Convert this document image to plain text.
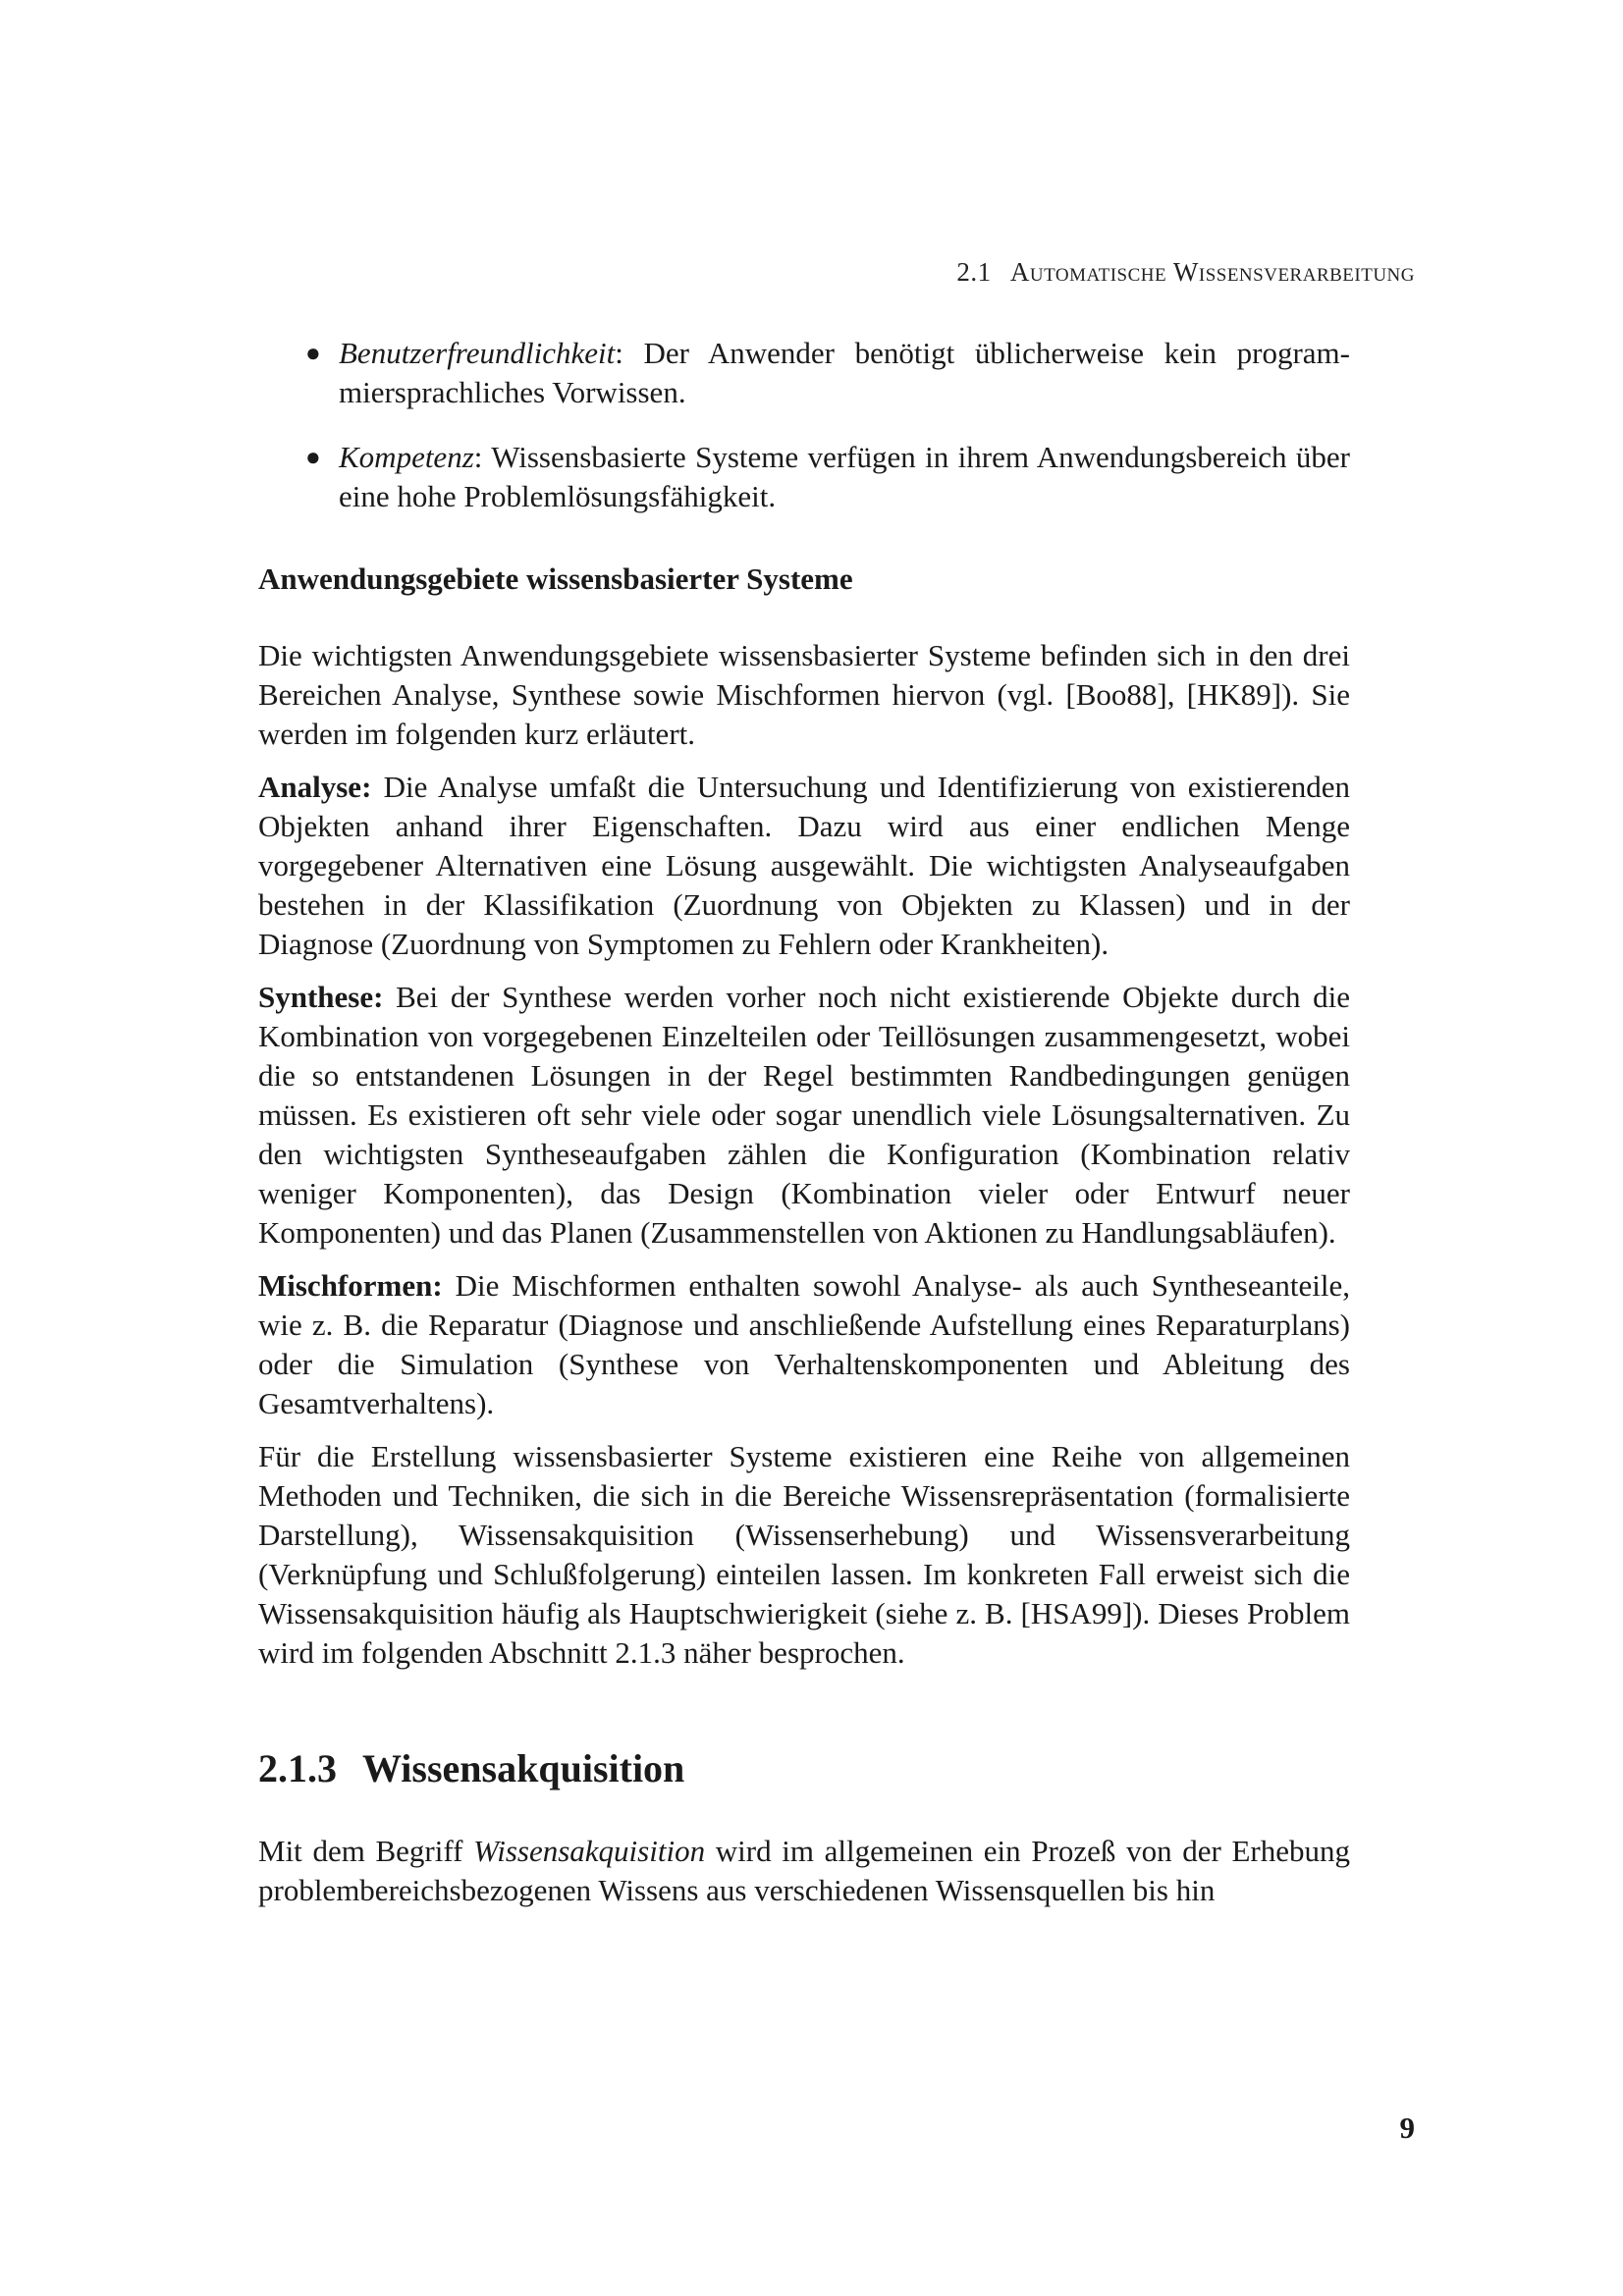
2.1 Automatische Wissensverarbeitung
● Benutzerfreundlichkeit: Der Anwender benötigt üblicherweise kein programmiersprachliches Vorwissen.
● Kompetenz: Wissensbasierte Systeme verfügen in ihrem Anwendungsbereich über eine hohe Problemlösungsfähigkeit.
Anwendungsgebiete wissensbasierter Systeme

Die wichtigsten Anwendungsgebiete wissensbasierter Systeme befinden sich in den drei Bereichen Analyse, Synthese sowie Mischformen hiervon (vgl. [Boo88], [HK89]). Sie werden im folgenden kurz erläutert.

Analyse: Die Analyse umfaßt die Untersuchung und Identifizierung von existierenden Objekten anhand ihrer Eigenschaften. Dazu wird aus einer endlichen Menge vorgegebener Alternativen eine Lösung ausgewählt. Die wichtigsten Analyseaufgaben bestehen in der Klassifikation (Zuordnung von Objekten zu Klassen) und in der Diagnose (Zuordnung von Symptomen zu Fehlern oder Krankheiten).

Synthese: Bei der Synthese werden vorher noch nicht existierende Objekte durch die Kombination von vorgegebenen Einzelteilen oder Teillösungen zusammengesetzt, wobei die so entstandenen Lösungen in der Regel bestimmten Randbedingungen genügen müssen. Es existieren oft sehr viele oder sogar unendlich viele Lösungsalternativen. Zu den wichtigsten Syntheseaufgaben zählen die Konfiguration (Kombination relativ weniger Komponenten), das Design (Kombination vieler oder Entwurf neuer Komponenten) und das Planen (Zusammenstellen von Aktionen zu Handlungsabläufen).

Mischformen: Die Mischformen enthalten sowohl Analyse- als auch Syntheseanteile, wie z. B. die Reparatur (Diagnose und anschließende Aufstellung eines Reparaturplans) oder die Simulation (Synthese von Verhaltenskomponenten und Ableitung des Gesamtverhaltens).

Für die Erstellung wissensbasierter Systeme existieren eine Reihe von allgemeinen Methoden und Techniken, die sich in die Bereiche Wissensrepräsentation (formalisierte Darstellung), Wissensakquisition (Wissenserhebung) und Wissensverarbeitung (Verknüpfung und Schlußfolgerung) einteilen lassen. Im konkreten Fall erweist sich die Wissensakquisition häufig als Hauptschwierigkeit (siehe z. B. [HSA99]). Dieses Problem wird im folgenden Abschnitt 2.1.3 näher besprochen.

2.1.3 Wissensakquisition

Mit dem Begriff Wissensakquisition wird im allgemeinen ein Prozeß von der Erhebung problembereichsbezogenen Wissens aus verschiedenen Wissensquellen bis hin

9
